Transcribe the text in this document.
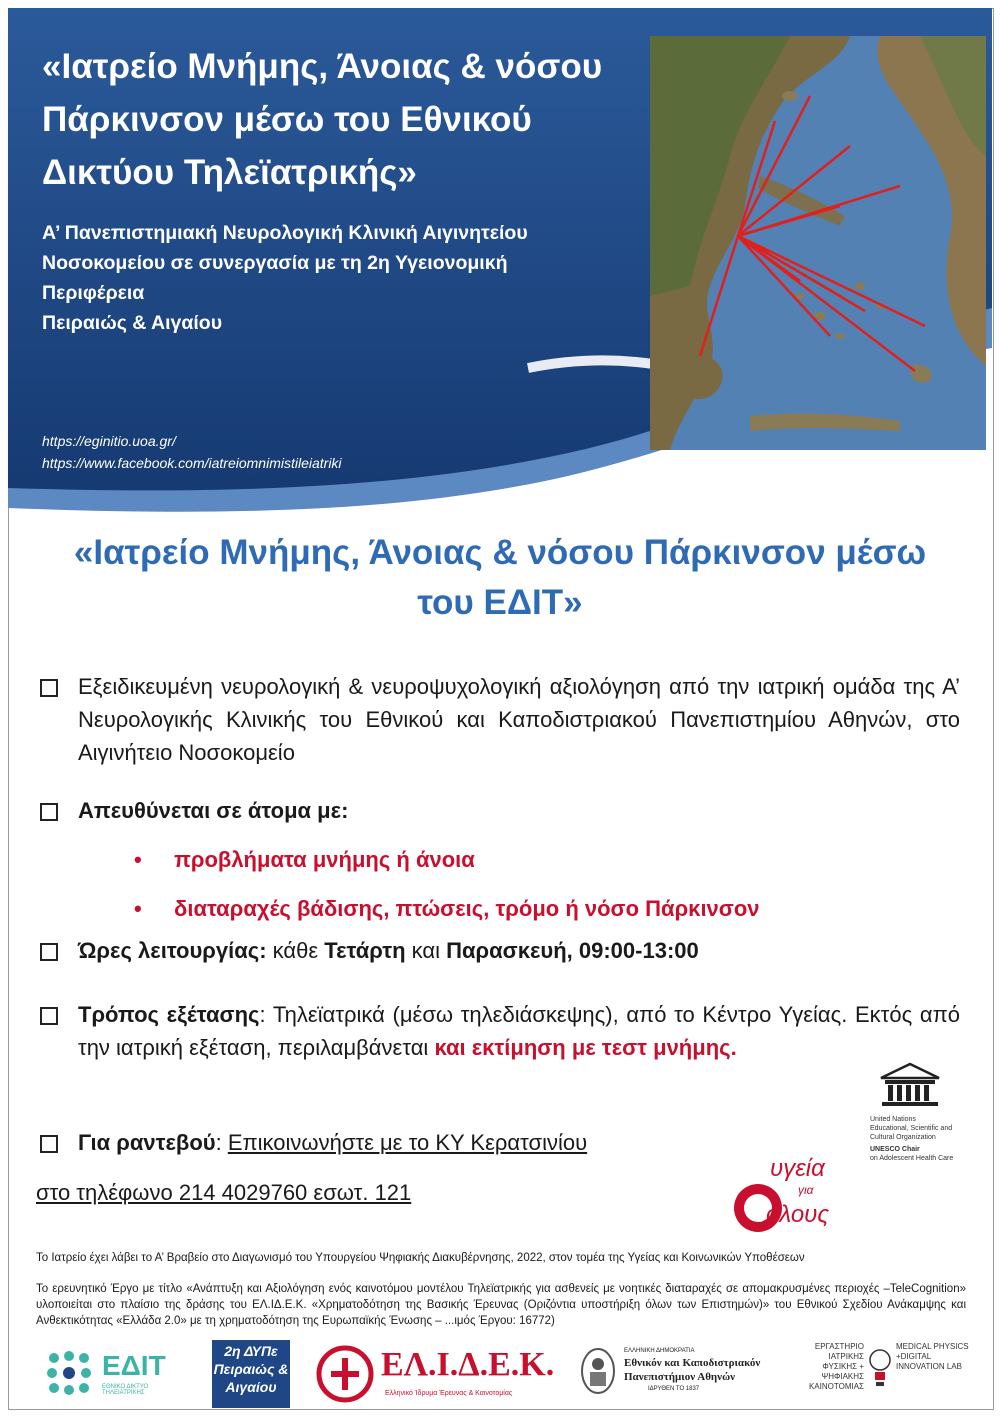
«Ιατρείο Μνήμης, Άνοιας & νόσου Πάρκινσον μέσω του Εθνικού Δικτύου Τηλεϊατρικής»
Α’ Πανεπιστημιακή Νευρολογική Κλινική Αιγινητείου
Νοσοκομείου σε συνεργασία με τη 2η Υγειονομική
Περιφέρεια
Πειραιώς & Αιγαίου
https://eginitio.uoa.gr/
https://www.facebook.com/iatreiomnimistileiatriki
«Ιατρείο Μνήμης, Άνοιας & νόσου Πάρκινσον μέσω του ΕΔΙΤ»
Εξειδικευμένη νευρολογική & νευροψυχολογική αξιολόγηση από την ιατρική ομάδα της Α’ Νευρολογικής Κλινικής του Εθνικού και Καποδιστριακού Πανεπιστημίου Αθηνών, στο Αιγινήτειο Νοσοκομείο
Απευθύνεται σε άτομα με:
• προβλήματα μνήμης ή άνοια
• διαταραχές βάδισης, πτώσεις, τρόμο ή νόσο Πάρκινσον
Ώρες λειτουργίας: κάθε Τετάρτη και Παρασκευή, 09:00-13:00
Τρόπος εξέτασης: Τηλεϊατρικά (μέσω τηλεδιάσκεψης), από το Κέντρο Υγείας. Εκτός από την ιατρική εξέταση, περιλαμβάνεται και εκτίμηση με τεστ μνήμης.
Για ραντεβού: Επικοινωνήστε με το ΚΥ Κερατσινίου
στο τηλέφωνο 214 4029760 εσωτ. 121
United Nations
Educational, Scientific and
Cultural Organization
UNESCO Chair
on Adolescent Health Care
υγεία
για
όλους
Το Ιατρείο έχει λάβει το Α’ Βραβείο στο Διαγωνισμό του Υπουργείου Ψηφιακής Διακυβέρνησης, 2022, στον τομέα της Υγείας και Κοινωνικών Υποθέσεων
Το ερευνητικό Έργο με τίτλο «Ανάπτυξη και Αξιολόγηση ενός καινοτόμου μοντέλου Τηλεϊατρικής για ασθενείς με νοητικές διαταραχές σε απομακρυσμένες περιοχές –TeleCognition» υλοποιείται στο πλαίσιο της δράσης του ΕΛ.ΙΔ.Ε.Κ. «Χρηματοδότηση της Βασικής Έρευνας (Οριζόντια υποστήριξη όλων των Επιστημών)» του Εθνικού Σχεδίου Ανάκαμψης και Ανθεκτικότητας «Ελλάδα 2.0» με τη χρηματοδότηση της Ευρωπαϊκής Ένωσης – ...ιμός Έργου: 16772)
ΕΔΙΤ
ΕΘΝΙΚΟ ΔΙΚΤΥΟ ΤΗΛΕΙΑΤΡΙΚΗΣ
2η ΔΥΠε Πειραιώς & Αιγαίου
ΕΛ.Ι.Δ.Ε.Κ.
Ελληνικό Ίδρυμα Έρευνας & Καινοτομίας
ΕΛΛΗΝΙΚΗ ΔΗΜΟΚΡΑΤΙΑ
Εθνικόν και Καποδιστριακόν
Πανεπιστήμιον Αθηνών
ΙΔΡΥΘΕΝ ΤΟ 1837
ΕΡΓΑΣΤΗΡΙΟ ΙΑΤΡΙΚΗΣ ΦΥΣΙΚΗΣ + ΨΗΦΙΑΚΗΣ ΚΑΙΝΟΤΟΜΙΑΣ
MEDICAL PHYSICS +DIGITAL INNOVATION LAB
